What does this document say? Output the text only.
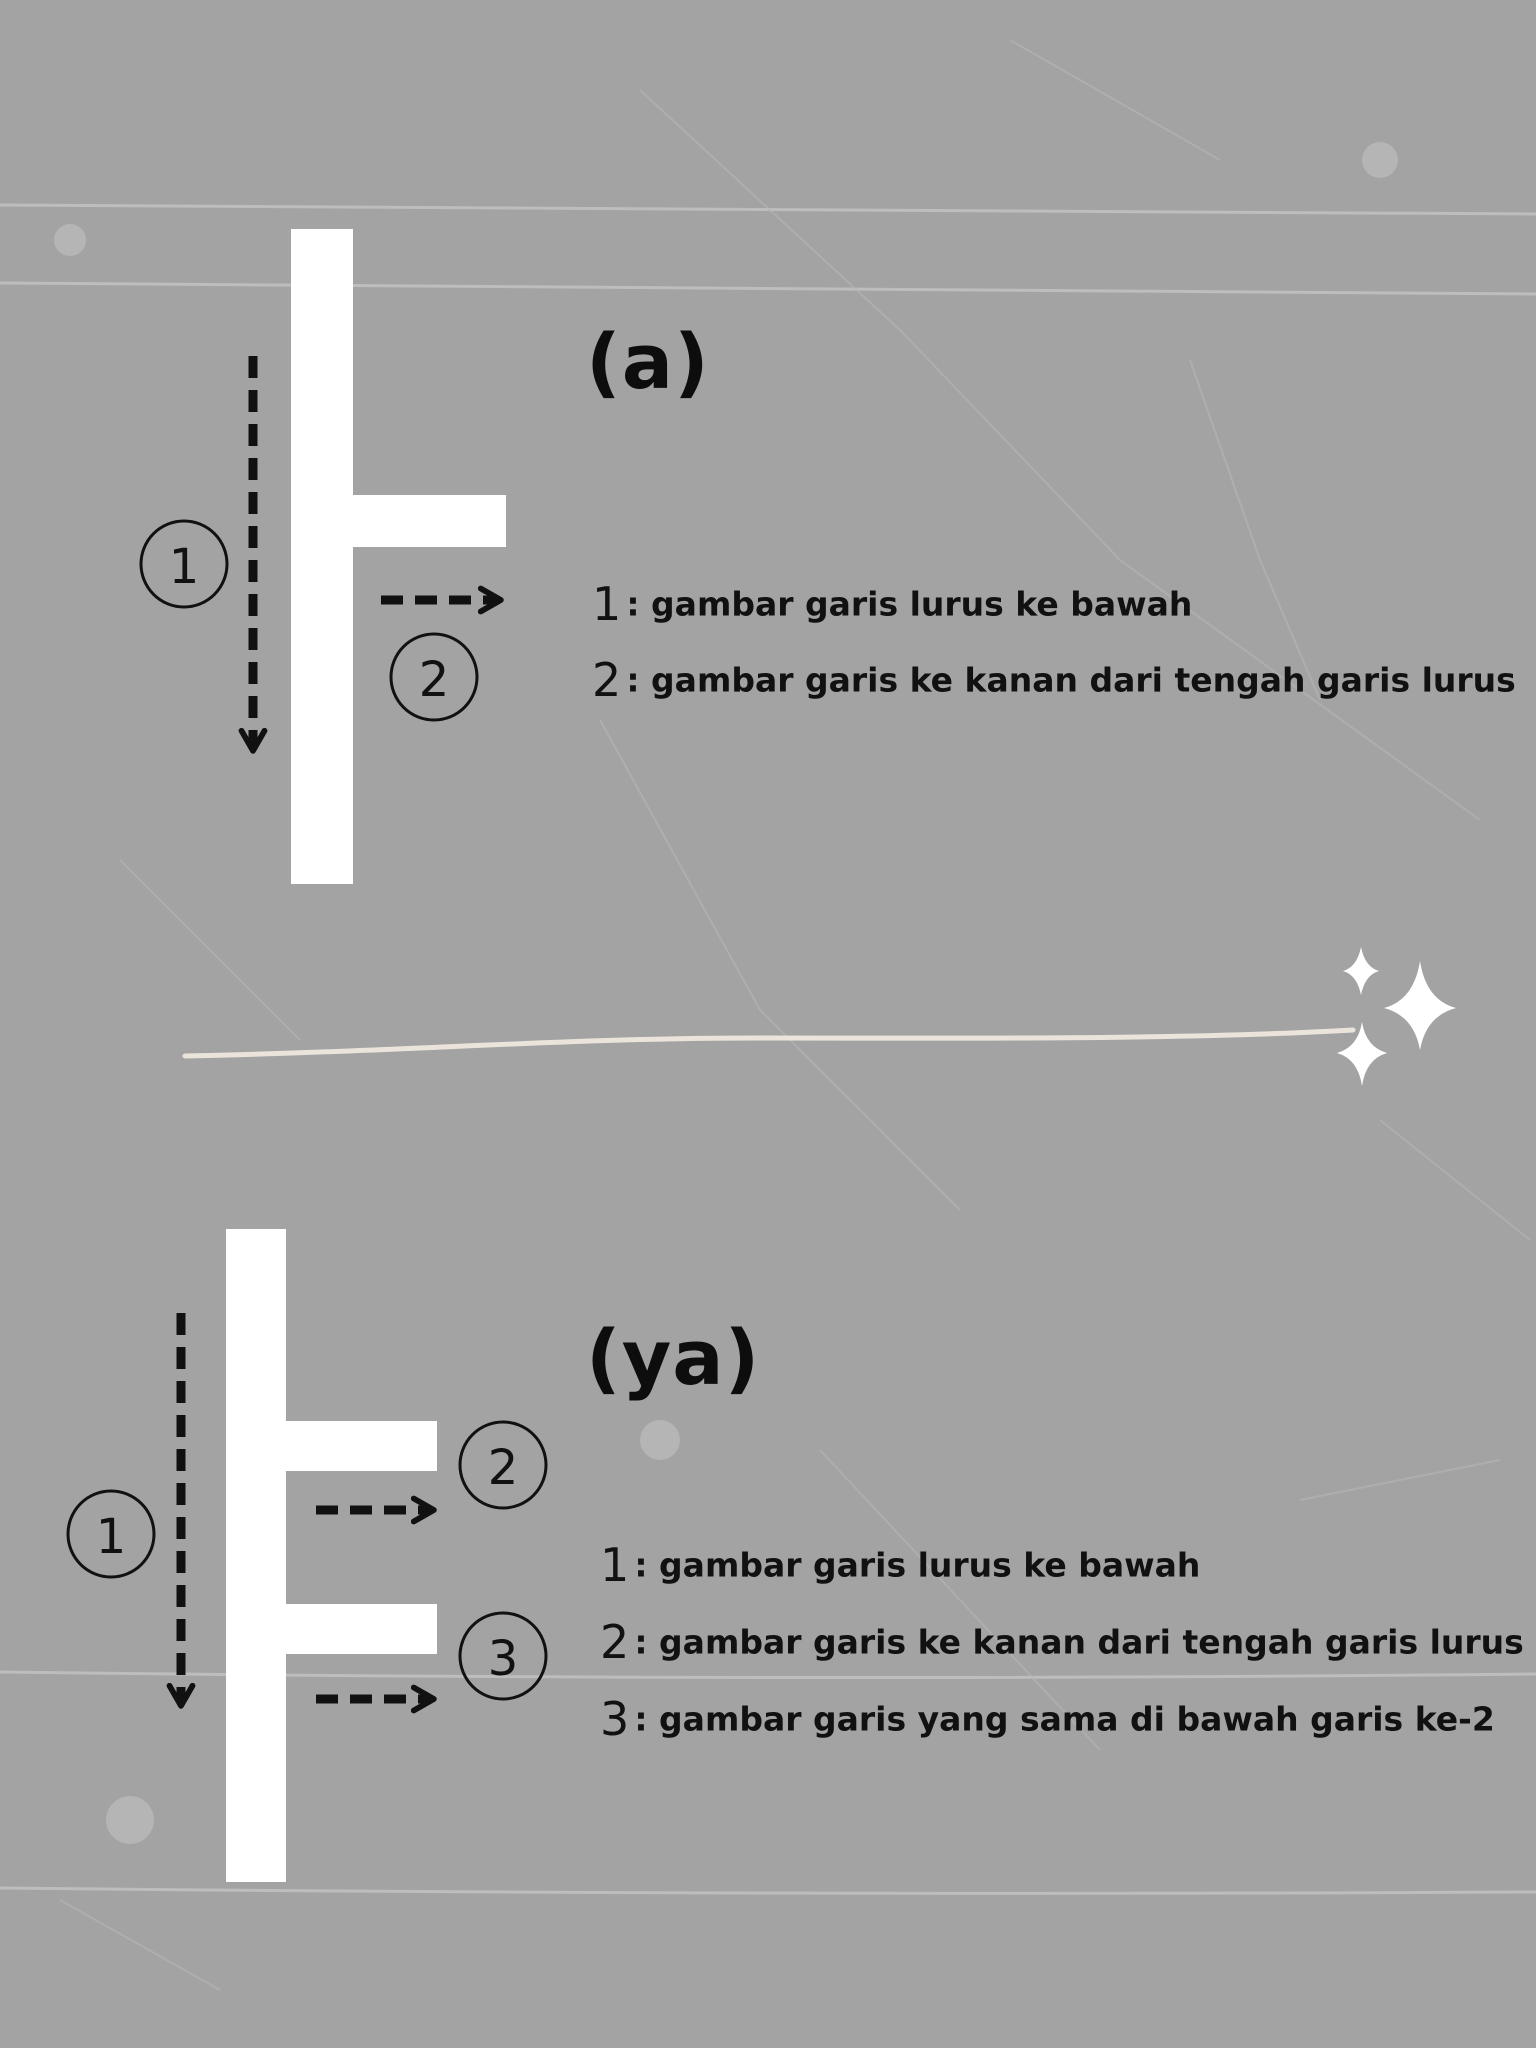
1
2
1
2
3
(a)
(ya)

1 : gambar garis lurus ke bawah

2 : gambar garis ke kanan dari tengah garis lurus

1 : gambar garis lurus ke bawah

2 : gambar garis ke kanan dari tengah garis lurus

3 : gambar garis yang sama di bawah garis ke-2
